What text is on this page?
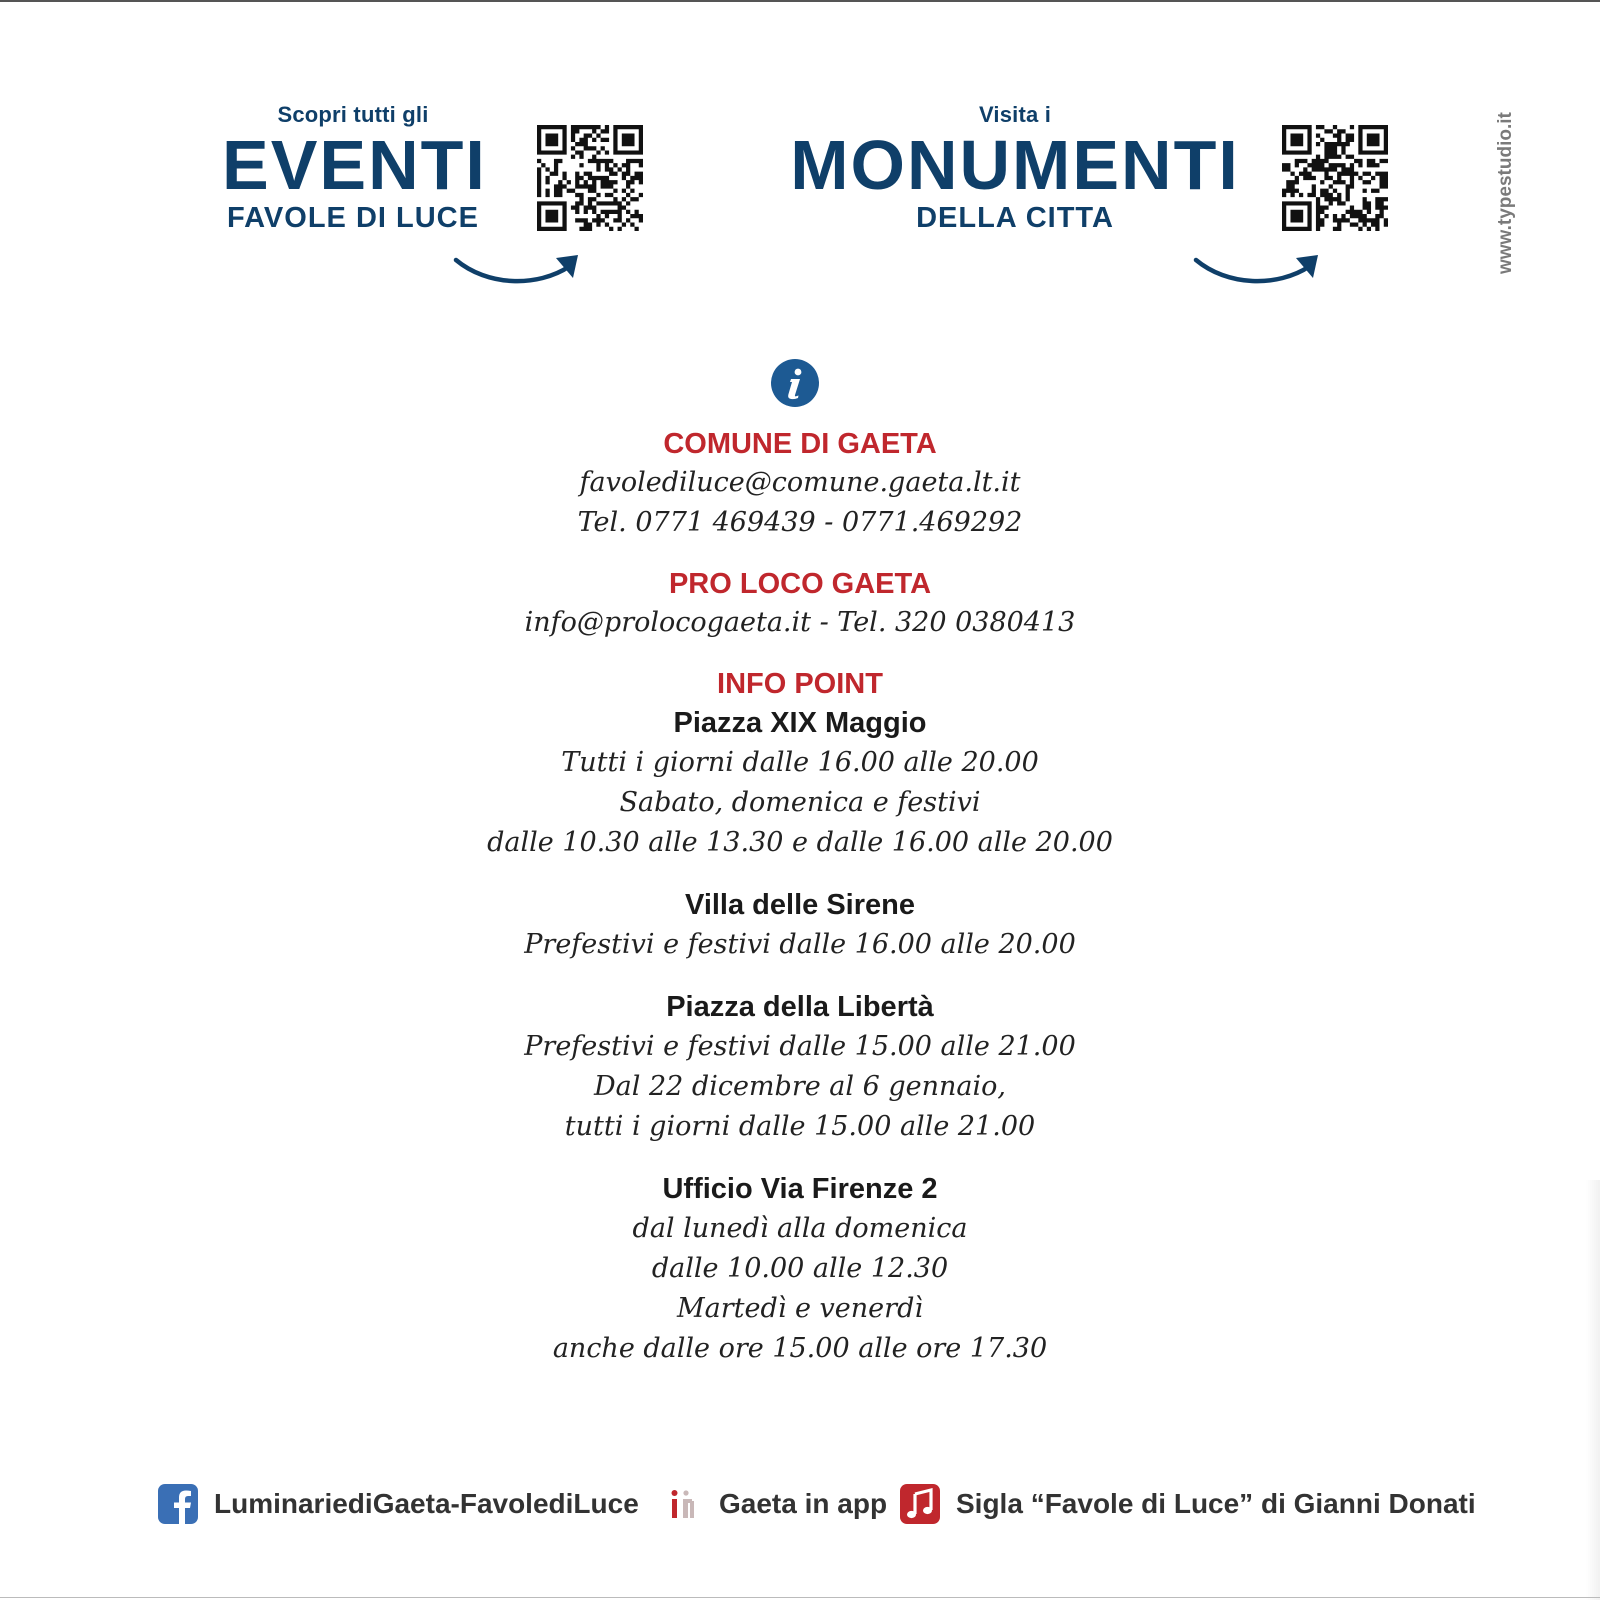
Scopri tutti gli
EVENTI
FAVOLE DI LUCE
Visita i
MONUMENTI
DELLA CITTA	www.typestudio.it
COMUNE DI GAETA
favolediluce@comune.gaeta.lt.it
Tel. 0771 469439 - 0771.469292
PRO LOCO GAETA
info@prolocogaeta.it - Tel. 320 0380413
INFO POINT
Piazza XIX Maggio
Tutti i giorni dalle 16.00 alle 20.00
Sabato, domenica e festivi
dalle 10.30 alle 13.30 e dalle 16.00 alle 20.00
Villa delle Sirene
Prefestivi e festivi dalle 16.00 alle 20.00
Piazza della Libertà
Prefestivi e festivi dalle 15.00 alle 21.00
Dal 22 dicembre al 6 gennaio,
tutti i giorni dalle 15.00 alle 21.00
Ufficio Via Firenze 2
dal lunedì alla domenica
dalle 10.00 alle 12.30
Martedì e venerdì
anche dalle ore 15.00 alle ore 17.30
LuminariediGaeta-FavolediLuce	Gaeta in app Sigla “Favole di Luce” di Gianni Donati
